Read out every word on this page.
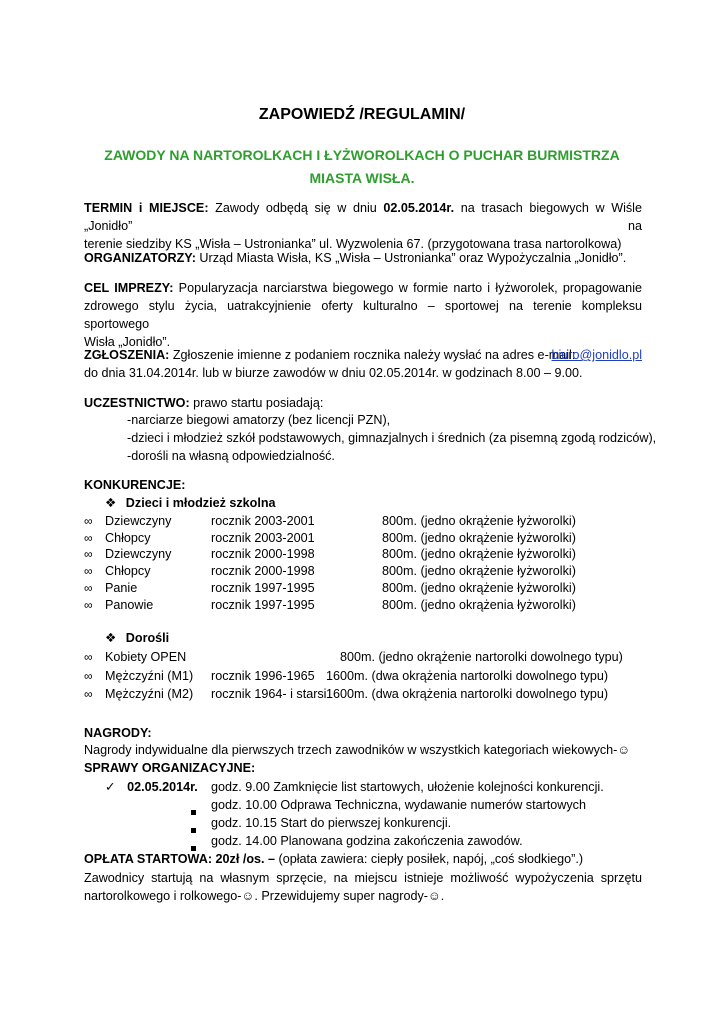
ZAPOWIEDŹ /REGULAMIN/
ZAWODY NA NARTOROLKACH I ŁYŻWOROLKACH O PUCHAR BURMISTRZA
MIASTA WISŁA.
TERMIN i MIEJSCE: Zawody odbędą się w dniu 02.05.2014r. na trasach biegowych w Wiśle „Jonidło” na
terenie siedziby KS „Wisła – Ustronianka” ul. Wyzwolenia 67. (przygotowana trasa nartorolkowa)
ORGANIZATORZY: Urząd Miasta Wisła, KS „Wisła – Ustronianka” oraz Wypożyczalnia „Jonidło”.
CEL IMPREZY: Popularyzacja narciarstwa biegowego w formie narto i łyżworolek, propagowanie
zdrowego stylu życia, uatrakcyjnienie oferty kulturalno – sportowej na terenie kompleksu sportowego
Wisła „Jonidło”.
ZGŁOSZENIA: Zgłoszenie imienne z podaniem rocznika należy wysłać na adres e-mail:
biuro@jonidlo.pl
do dnia 31.04.2014r. lub w biurze zawodów w dniu 02.05.2014r. w godzinach 8.00 – 9.00.
UCZESTNICTWO: prawo startu posiadają:
-narciarze biegowi amatorzy (bez licencji PZN),
-dzieci i młodzież szkół podstawowych, gimnazjalnych i średnich (za pisemną zgodą rodziców),
-dorośli na własną odpowiedzialność.
KONKURENCJE:
❖ Dzieci i młodzież szkolna
∞ Dziewczyny	rocznik 2003-2001	800m. (jedno okrążenie łyżworolki)
∞ Chłopcy	rocznik 2003-2001	800m. (jedno okrążenie łyżworolki)
∞ Dziewczyny	rocznik 2000-1998	800m. (jedno okrążenie łyżworolki)
∞ Chłopcy	rocznik 2000-1998	800m. (jedno okrążenie łyżworolki)
∞ Panie	rocznik 1997-1995	800m. (jedno okrążenie łyżworolki)
∞ Panowie	rocznik 1997-1995	800m. (jedno okrążenia łyżworolki)
❖ Dorośli
∞ Kobiety OPEN	800m. (jedno okrążenie nartorolki dowolnego typu)
∞ Mężczyźni (M1) rocznik 1996-1965 1600m. (dwa okrążenia nartorolki dowolnego typu)
∞ Mężczyźni (M2) rocznik 1964- i starsi 1600m. (dwa okrążenia nartorolki dowolnego typu)
NAGRODY:
Nagrody indywidualne dla pierwszych trzech zawodników w wszystkich kategoriach wiekowych-☺
SPRAWY ORGANIZACYJNE:
✓ 02.05.2014r. godz. 9.00 Zamknięcie list startowych, ułożenie kolejności konkurencji.
godz. 10.00 Odprawa Techniczna, wydawanie numerów startowych
godz. 10.15 Start do pierwszej konkurencji.
godz. 14.00 Planowana godzina zakończenia zawodów.
OPŁATA STARTOWA: 20zł /os. – (opłata zawiera: ciepły posiłek, napój, „coś słodkiego”.)
Zawodnicy startują na własnym sprzęcie, na miejscu istnieje możliwość wypożyczenia sprzętu
nartorolkowego i rolkowego-☺. Przewidujemy super nagrody-☺.
